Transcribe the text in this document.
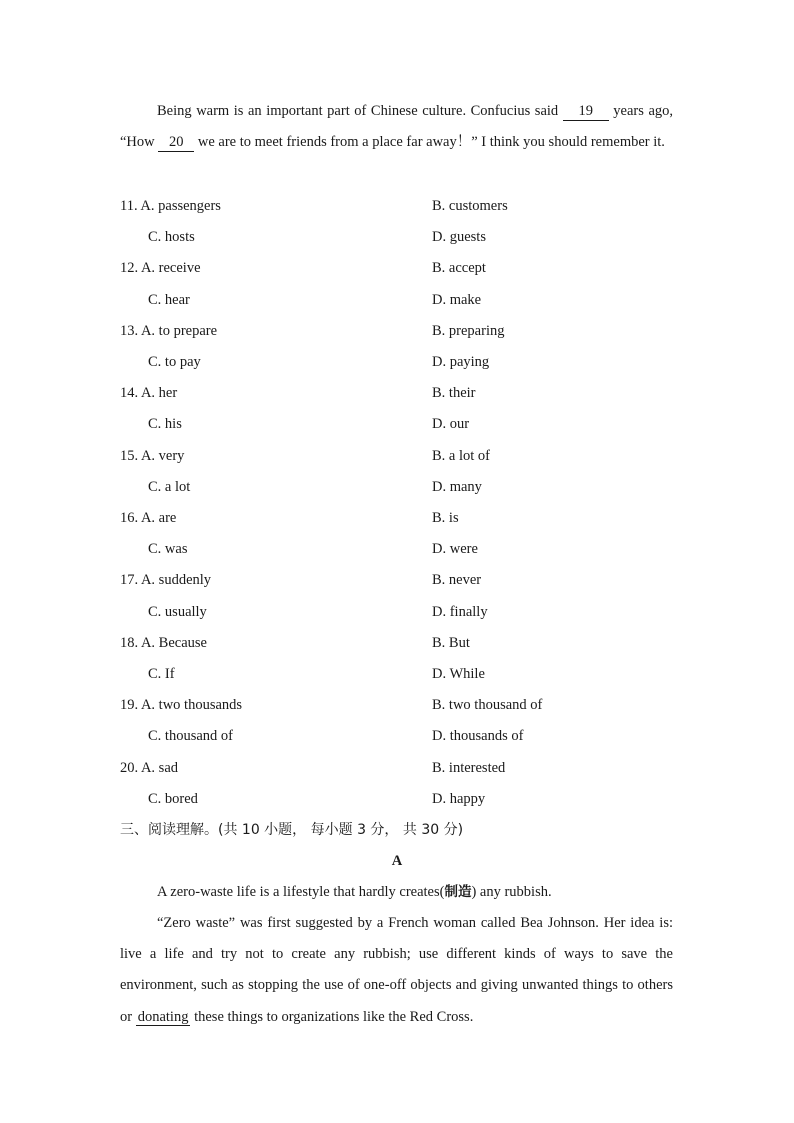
Being warm is an important part of Chinese culture. Confucius said 19 years ago, “How 20 we are to meet friends from a place far away！” I think you should remember it.
11. A. passengers	B. customers
C. hosts	D. guests
12. A. receive	B. accept
C. hear	D. make
13. A. to prepare	B. preparing
C. to pay	D. paying
14. A. her	B. their
C. his	D. our
15. A. very	B. a lot of
C. a lot	D. many
16. A. are	B. is
C. was	D. were
17. A. suddenly	B. never
C. usually	D. finally
18. A. Because	B. But
C. If	D. While
19. A. two thousands	B. two thousand of
C. thousand of	D. thousands of
20. A. sad	B. interested
C. bored	D. happy
三、阅读理解。(共 10 小题， 每小题 3 分， 共 30 分)
A
A zero-waste life is a lifestyle that hardly creates(制造) any rubbish.
“Zero waste” was first suggested by a French woman called Bea Johnson. Her idea is: live a life and try not to create any rubbish; use different kinds of ways to save the environment, such as stopping the use of one-off objects and giving unwanted things to others or donating these things to organizations like the Red Cross.
